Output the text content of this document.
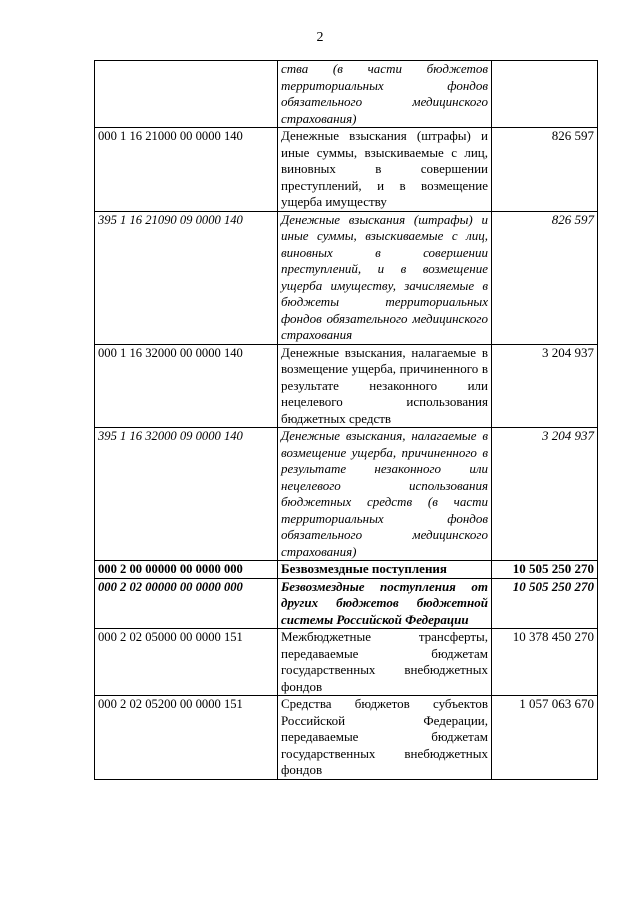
2
	ства (в части бюджетов территориальных фондов обязательного медицинского страхования)	
000 1 16 21000 00 0000 140	Денежные взыскания (штрафы) и иные суммы, взыскиваемые с лиц, виновных в совершении преступлений, и в возмещение ущерба имуществу	826 597
395 1 16 21090 09 0000 140	Денежные взыскания (штрафы) и иные суммы, взыскиваемые с лиц, виновных в совершении преступлений, и в возмещение ущерба имуществу, зачисляемые в бюджеты территориальных фондов обязательного медицинского страхования	826 597
000 1 16 32000 00 0000 140	Денежные взыскания, налагаемые в возмещение ущерба, причиненного в результате незаконного или нецелевого использования бюджетных средств	3 204 937
395 1 16 32000 09 0000 140	Денежные взыскания, налагаемые в возмещение ущерба, причиненного в результате незаконного или нецелевого использования бюджетных средств (в части территориальных фондов обязательного медицинского страхования)	3 204 937
000 2 00 00000 00 0000 000	Безвозмездные поступления	10 505 250 270
000 2 02 00000 00 0000 000	Безвозмездные поступления от других бюджетов бюджетной системы Российской Федерации	10 505 250 270
000 2 02 05000 00 0000 151	Межбюджетные трансферты, передаваемые бюджетам государственных внебюджетных фондов	10 378 450 270
000 2 02 05200 00 0000 151	Средства бюджетов субъектов Российской Федерации, передаваемые бюджетам государственных внебюджетных фондов	1 057 063 670
